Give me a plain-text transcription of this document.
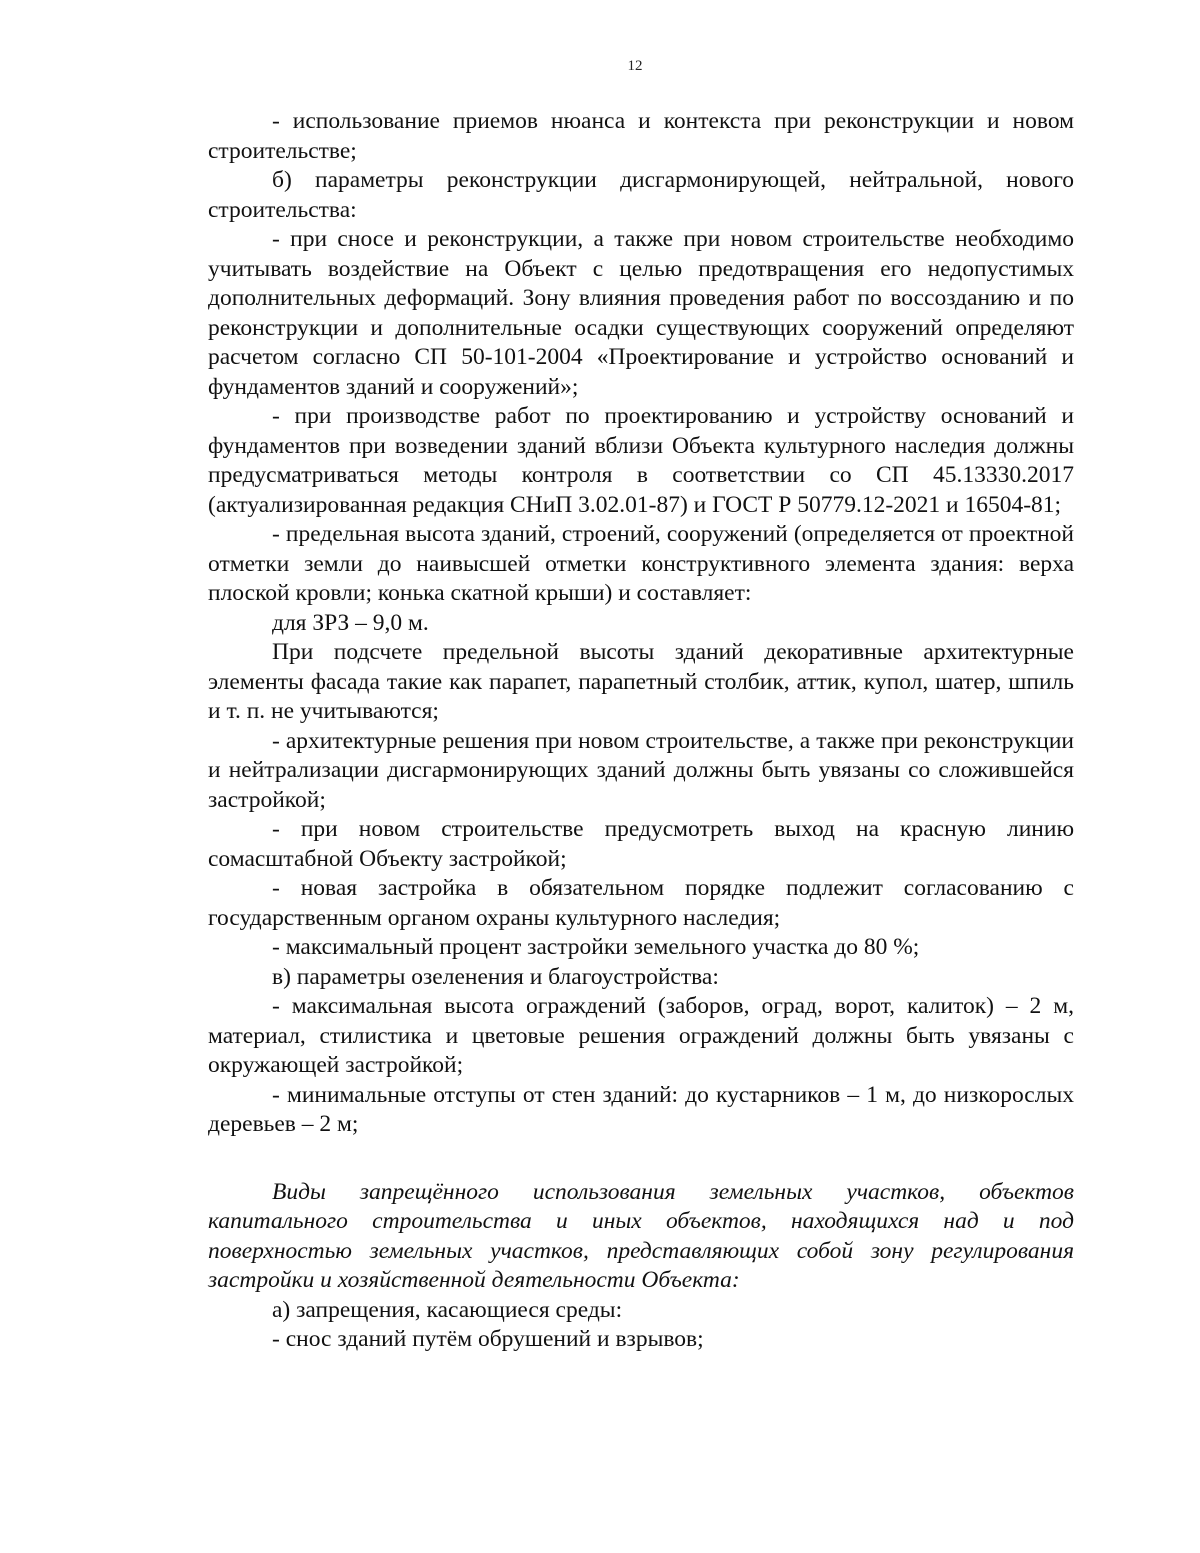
12

- использование приемов нюанса и контекста при реконструкции и новом строительстве;

б) параметры реконструкции дисгармонирующей, нейтральной, нового строительства:

- при сносе и реконструкции, а также при новом строительстве необходимо учитывать воздействие на Объект с целью предотвращения его недопустимых дополнительных деформаций. Зону влияния проведения работ по воссозданию и по реконструкции и дополнительные осадки существующих сооружений определяют расчетом согласно СП 50-101-2004 «Проектирование и устройство оснований и фундаментов зданий и сооружений»;

- при производстве работ по проектированию и устройству оснований и фундаментов при возведении зданий вблизи Объекта культурного наследия должны предусматриваться методы контроля в соответствии со СП 45.13330.2017 (актуализированная редакция СНиП 3.02.01-87) и ГОСТ Р 50779.12-2021 и 16504-81;

- предельная высота зданий, строений, сооружений (определяется от проектной отметки земли до наивысшей отметки конструктивного элемента здания: верха плоской кровли; конька скатной крыши) и составляет:

для ЗРЗ – 9,0 м.

При подсчете предельной высоты зданий декоративные архитектурные элементы фасада такие как парапет, парапетный столбик, аттик, купол, шатер, шпиль и т. п. не учитываются;

- архитектурные решения при новом строительстве, а также при реконструкции и нейтрализации дисгармонирующих зданий должны быть увязаны со сложившейся застройкой;

- при новом строительстве предусмотреть выход на красную линию сомасштабной Объекту застройкой;

- новая застройка в обязательном порядке подлежит согласованию с государственным органом охраны культурного наследия;

- максимальный процент застройки земельного участка до 80 %;

в) параметры озеленения и благоустройства:

- максимальная высота ограждений (заборов, оград, ворот, калиток) – 2 м, материал, стилистика и цветовые решения ограждений должны быть увязаны с окружающей застройкой;

- минимальные отступы от стен зданий: до кустарников – 1 м, до низкорослых деревьев – 2 м;

Виды запрещённого использования земельных участков, объектов капитального строительства и иных объектов, находящихся над и под поверхностью земельных участков, представляющих собой зону регулирования застройки и хозяйственной деятельности Объекта:

а) запрещения, касающиеся среды:

- снос зданий путём обрушений и взрывов;
